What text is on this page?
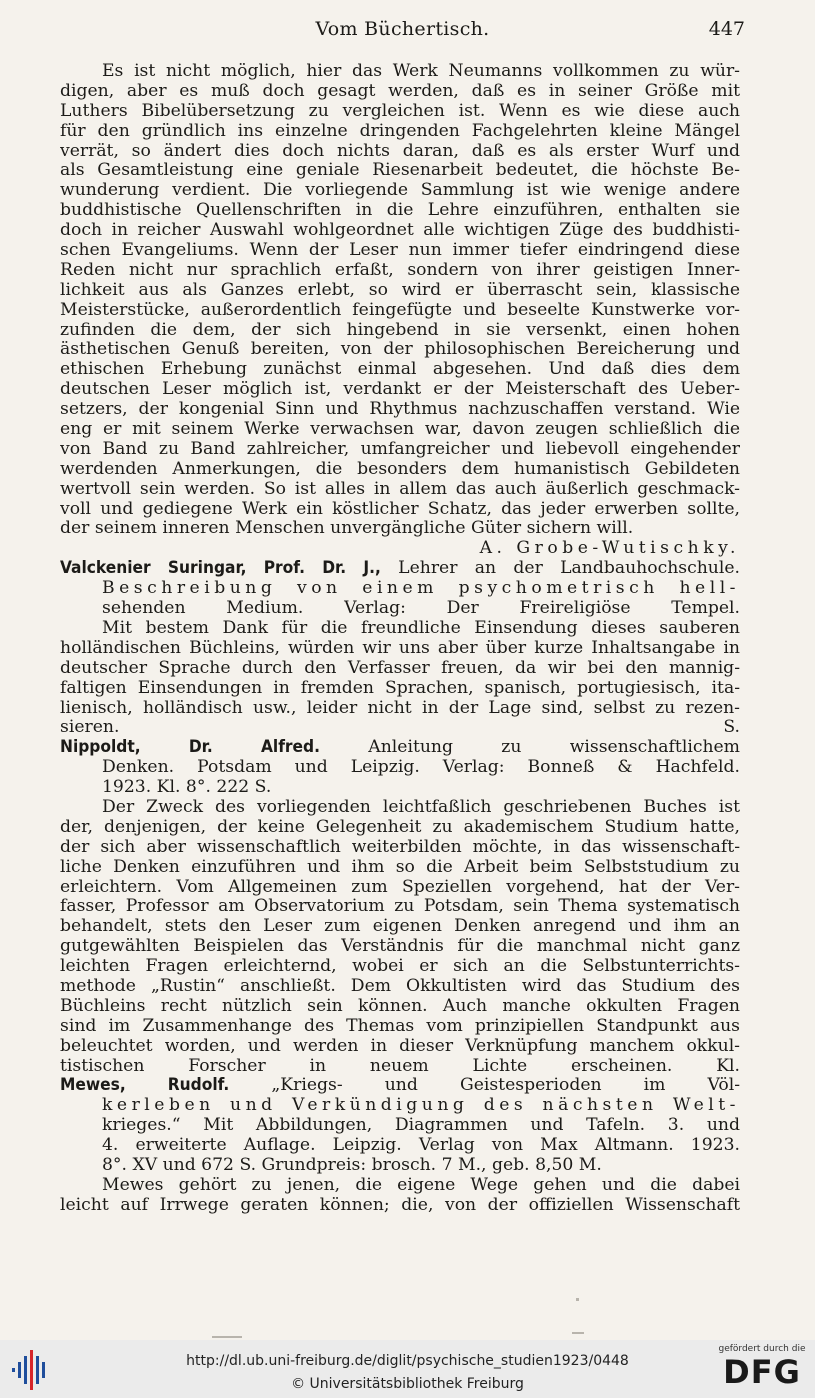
Vom Büchertisch.	447
Es ist nicht möglich, hier das Werk Neumanns vollkommen zu wür-
digen, aber es muß doch gesagt werden, daß es in seiner Größe mit
Luthers Bibelübersetzung zu vergleichen ist. Wenn es wie diese auch
für den gründlich ins einzelne dringenden Fachgelehrten kleine Mängel
verrät, so ändert dies doch nichts daran, daß es als erster Wurf und
als Gesamtleistung eine geniale Riesenarbeit bedeutet, die höchste Be-
wunderung verdient. Die vorliegende Sammlung ist wie wenige andere
buddhistische Quellenschriften in die Lehre einzuführen, enthalten sie
doch in reicher Auswahl wohlgeordnet alle wichtigen Züge des buddhisti-
schen Evangeliums. Wenn der Leser nun immer tiefer eindringend diese
Reden nicht nur sprachlich erfaßt, sondern von ihrer geistigen Inner-
lichkeit aus als Ganzes erlebt, so wird er überrascht sein, klassische
Meisterstücke, außerordentlich feingefügte und beseelte Kunstwerke vor-
zufinden die dem, der sich hingebend in sie versenkt, einen hohen
ästhetischen Genuß bereiten, von der philosophischen Bereicherung und
ethischen Erhebung zunächst einmal abgesehen. Und daß dies dem
deutschen Leser möglich ist, verdankt er der Meisterschaft des Ueber-
setzers, der kongenial Sinn und Rhythmus nachzuschaffen verstand. Wie
eng er mit seinem Werke verwachsen war, davon zeugen schließlich die
von Band zu Band zahlreicher, umfangreicher und liebevoll eingehender
werdenden Anmerkungen, die besonders dem humanistisch Gebildeten
wertvoll sein werden. So ist alles in allem das auch äußerlich geschmack-
voll und gediegene Werk ein köstlicher Schatz, das jeder erwerben sollte,
der seinem inneren Menschen unvergängliche Güter sichern will.
A. Grobe-Wutischky.
Valckenier Suringar, Prof. Dr. J., Lehrer an der Landbauhochschule.
Beschreibung von einem psychometrisch hell-
sehenden Medium. Verlag: Der Freireligiöse Tempel.
Mit bestem Dank für die freundliche Einsendung dieses sauberen
holländischen Büchleins, würden wir uns aber über kurze Inhaltsangabe in
deutscher Sprache durch den Verfasser freuen, da wir bei den mannig-
faltigen Einsendungen in fremden Sprachen, spanisch, portugiesisch, ita-
lienisch, holländisch usw., leider nicht in der Lage sind, selbst zu rezen-
sieren. S.
Nippoldt, Dr. Alfred. Anleitung zu wissenschaftlichem
Denken. Potsdam und Leipzig. Verlag: Bonneß & Hachfeld.
1923. Kl. 8°. 222 S.
Der Zweck des vorliegenden leichtfaßlich geschriebenen Buches ist
der, denjenigen, der keine Gelegenheit zu akademischem Studium hatte,
der sich aber wissenschaftlich weiterbilden möchte, in das wissenschaft-
liche Denken einzuführen und ihm so die Arbeit beim Selbststudium zu
erleichtern. Vom Allgemeinen zum Speziellen vorgehend, hat der Ver-
fasser, Professor am Observatorium zu Potsdam, sein Thema systematisch
behandelt, stets den Leser zum eigenen Denken anregend und ihm an
gutgewählten Beispielen das Verständnis für die manchmal nicht ganz
leichten Fragen erleichternd, wobei er sich an die Selbstunterrichts-
methode „Rustin“ anschließt. Dem Okkultisten wird das Studium des
Büchleins recht nützlich sein können. Auch manche okkulten Fragen
sind im Zusammenhange des Themas vom prinzipiellen Standpunkt aus
beleuchtet worden, und werden in dieser Verknüpfung manchem okkul-
tistischen Forscher in neuem Lichte erscheinen. Kl.
Mewes, Rudolf. „Kriegs- und Geistesperioden im Völ-
kerleben und Verkündigung des nächsten Welt-
krieges.“ Mit Abbildungen, Diagrammen und Tafeln. 3. und
4. erweiterte Auflage. Leipzig. Verlag von Max Altmann. 1923.
8°. XV und 672 S. Grundpreis: brosch. 7 M., geb. 8,50 M.
Mewes gehört zu jenen, die eigene Wege gehen und die dabei
leicht auf Irrwege geraten können; die, von der offiziellen Wissenschaft
http://dl.ub.uni-freiburg.de/diglit/psychische_studien1923/0448
© Universitätsbibliothek Freiburg
gefördert durch die
DFG
